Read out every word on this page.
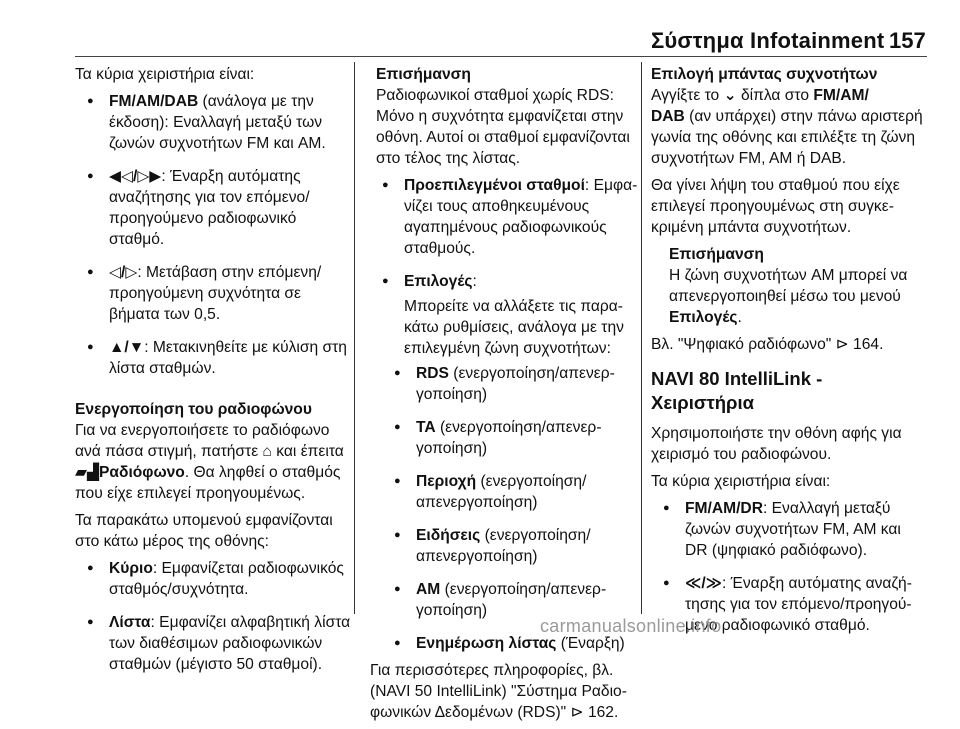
Σύστημα Infotainment 157

Τα κύρια χειριστήρια είναι:

● FM/AM/DAB (ανάλογα με την έκδοση): Εναλλαγή μεταξύ των ζωνών συχνοτήτων FM και AM.
● ◀◁/▷▶: Έναρξη αυτόματης αναζήτησης για τον επόμενο/ προηγούμενο ραδιοφωνικό σταθμό.
● ◁/▷: Μετάβαση στην επόμενη/ προηγούμενη συχνότητα σε βήματα των 0,5.
● ▲/▼: Μετακινηθείτε με κύλιση στη λίστα σταθμών.

Ενεργοποίηση του ραδιοφώνου

Για να ενεργοποιήσετε το ραδιόφωνο ανά πάσα στιγμή, πατήστε ⌂ και έπειτα ▰▟Ραδιόφωνο. Θα ληφθεί ο σταθμός που είχε επιλεγεί προηγουμένως.

Τα παρακάτω υπομενού εμφανίζονται στο κάτω μέρος της οθόνης:

● Κύριο: Εμφανίζεται ραδιοφωνικός σταθμός/συχνότητα.
● Λίστα: Εμφανίζει αλφαβητική λίστα των διαθέσιμων ραδιοφωνικών σταθμών (μέγιστο 50 σταθμοί).

Επισήμανση

Ραδιοφωνικοί σταθμοί χωρίς RDS: Μόνο η συχνότητα εμφανίζεται στην οθόνη. Αυτοί οι σταθμοί εμφανίζονται στο τέλος της λίστας.

● Προεπιλεγμένοι σταθμοί: Εμφανίζει τους αποθηκευμένους αγαπημένους ραδιοφωνικούς σταθμούς.
● Επιλογές:
Μπορείτε να αλλάξετε τις παρακάτω ρυθμίσεις, ανάλογα με την επιλεγμένη ζώνη συχνοτήτων:
● RDS (ενεργοποίηση/απενεργοποίηση)
● TA (ενεργοποίηση/απενεργοποίηση)
● Περιοχή (ενεργοποίηση/ απενεργοποίηση)
● Ειδήσεις (ενεργοποίηση/ απενεργοποίηση)
● AM (ενεργοποίηση/απενεργοποίηση)
● Ενημέρωση λίστας (Έναρξη)

Για περισσότερες πληροφορίες, βλ. (NAVI 50 IntelliLink) "Σύστημα Ραδιοφωνικών Δεδομένων (RDS)" ⊳ 162.

Επιλογή μπάντας συχνοτήτων

Αγγίξτε το ⌄ δίπλα στο FM/AM/
DAB (αν υπάρχει) στην πάνω αριστερή γωνία της οθόνης και επιλέξτε τη ζώνη συχνοτήτων FM, AM ή DAB.

Θα γίνει λήψη του σταθμού που είχε επιλεγεί προηγουμένως στη συγκεκριμένη μπάντα συχνοτήτων.

Επισήμανση

Η ζώνη συχνοτήτων AM μπορεί να απενεργοποιηθεί μέσω του μενού Επιλογές.

Βλ. "Ψηφιακό ραδιόφωνο" ⊳ 164.

NAVI 80 IntelliLink - Χειριστήρια

Χρησιμοποιήστε την οθόνη αφής για χειρισμό του ραδιοφώνου.

Τα κύρια χειριστήρια είναι:

● FM/AM/DR: Εναλλαγή μεταξύ ζωνών συχνοτήτων FM, AM και DR (ψηφιακό ραδιόφωνο).
● ≪/≫: Έναρξη αυτόματης αναζήτησης για τον επόμενο/προηγούμενο ραδιοφωνικό σταθμό.
carmanualsonline.info
